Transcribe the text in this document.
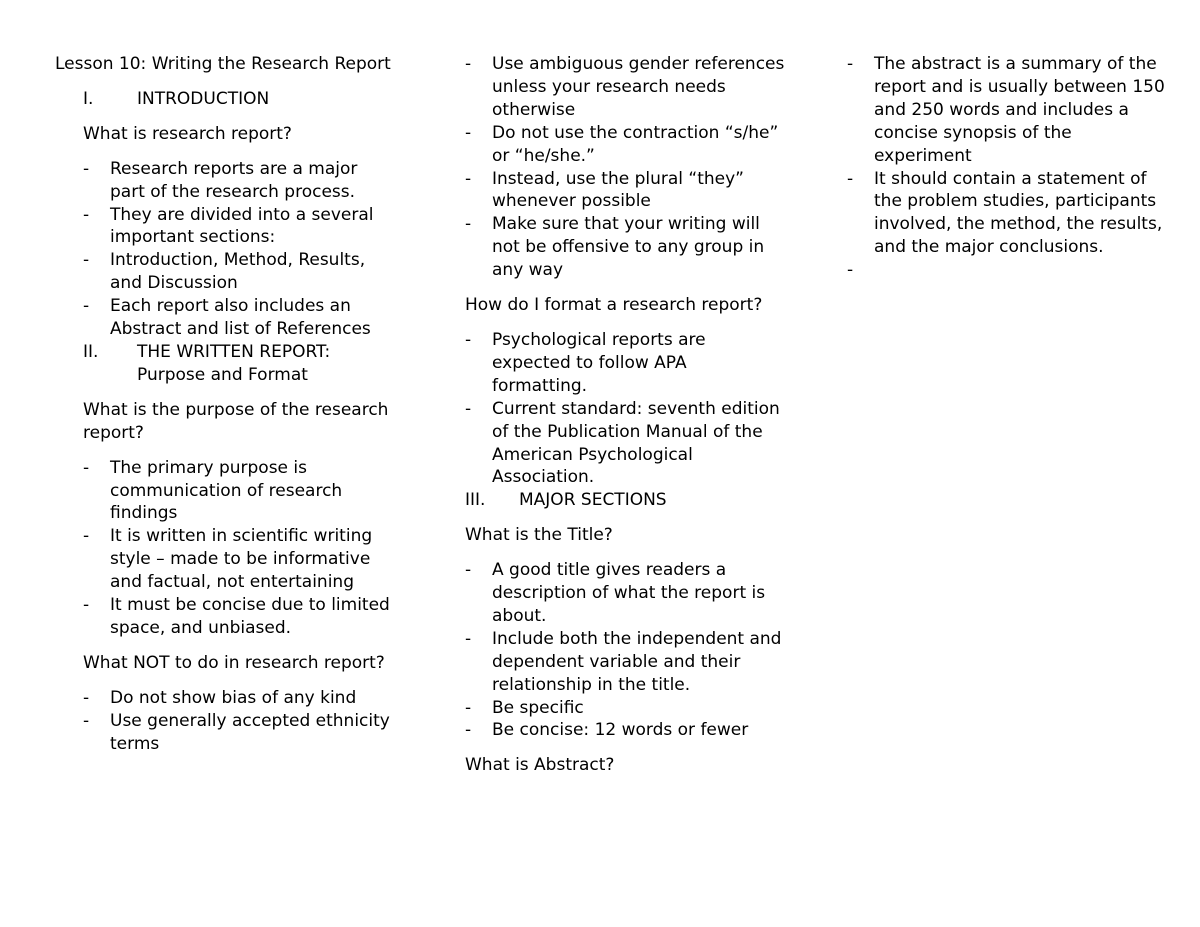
Lesson 10: Writing the Research Report
I.	INTRODUCTION
What is research report?
-	Research reports are a major part of the research process.
-	They are divided into a several important sections:
-	Introduction, Method, Results, and Discussion
-	Each report also includes an Abstract and list of References
II.	THE WRITTEN REPORT: Purpose and Format
What is the purpose of the research report?
-	The primary purpose is communication of research findings
-	It is written in scientific writing style – made to be informative and factual, not entertaining
-	It must be concise due to limited space, and unbiased.
What NOT to do in research report?
-	Do not show bias of any kind
-	Use generally accepted ethnicity terms
-	Use ambiguous gender references unless your research needs otherwise
-	Do not use the contraction “s/he” or “he/she.”
-	Instead, use the plural “they” whenever possible
-	Make sure that your writing will not be offensive to any group in any way
How do I format a research report?
-	Psychological reports are expected to follow APA formatting.
-	Current standard: seventh edition of the Publication Manual of the American Psychological Association.
III.	MAJOR SECTIONS
What is the Title?
-	A good title gives readers a description of what the report is about.
-	Include both the independent and dependent variable and their relationship in the title.
-	Be specific
-	Be concise: 12 words or fewer
What is Abstract?
-	The abstract is a summary of the report and is usually between 150 and 250 words and includes a concise synopsis of the experiment
-	It should contain a statement of the problem studies, participants involved, the method, the results, and the major conclusions.
-
